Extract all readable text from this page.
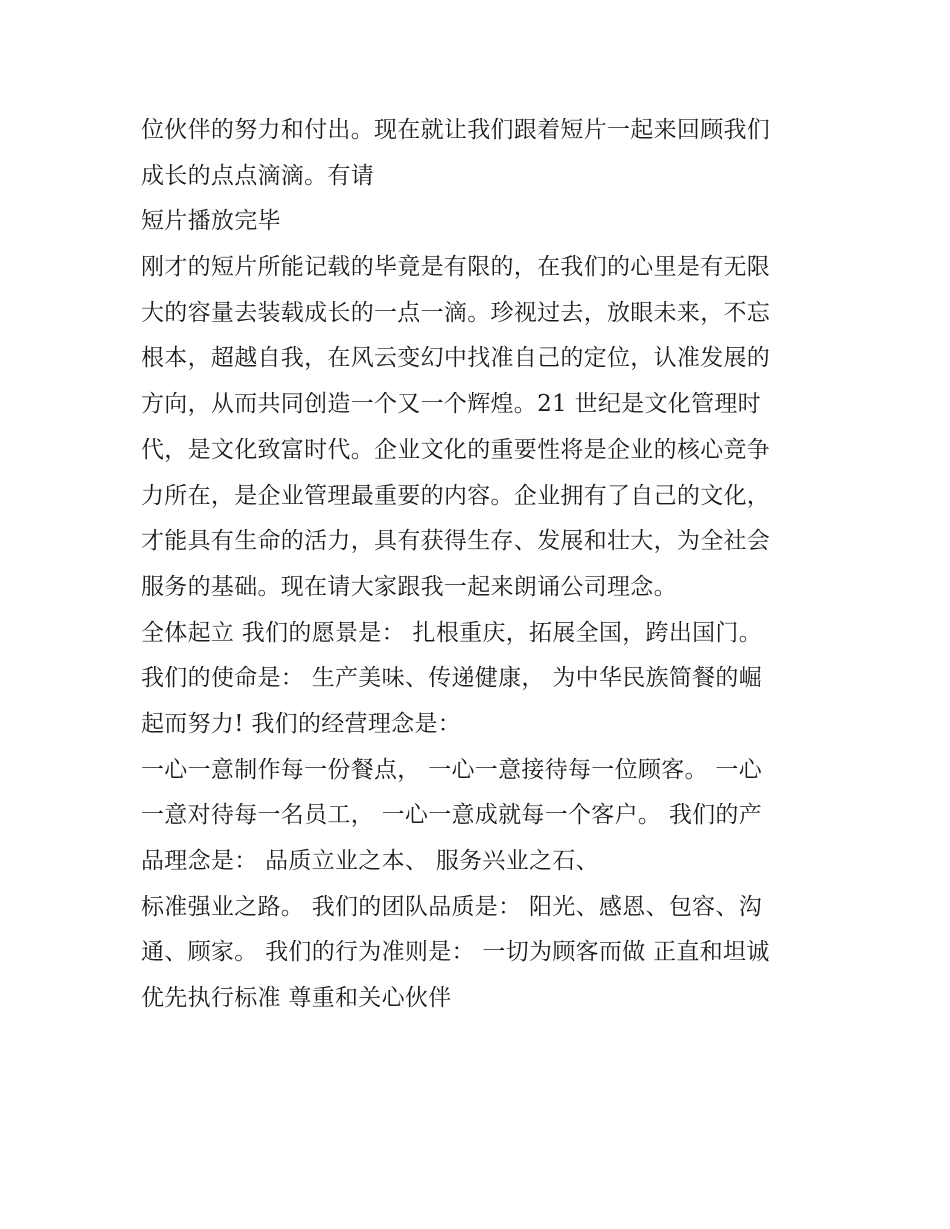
位伙伴的努力和付出。现在就让我们跟着短片一起来回顾我们
成长的点点滴滴。有请
短片播放完毕
刚才的短片所能记载的毕竟是有限的，在我们的心里是有无限
大的容量去装载成长的一点一滴。珍视过去，放眼未来，不忘
根本，超越自我，在风云变幻中找准自己的定位，认准发展的
方向，从而共同创造一个又一个辉煌。21 世纪是文化管理时
代，是文化致富时代。企业文化的重要性将是企业的核心竞争
力所在，是企业管理最重要的内容。企业拥有了自己的文化，
才能具有生命的活力，具有获得生存、发展和壮大，为全社会
服务的基础。现在请大家跟我一起来朗诵公司理念。
全体起立 我们的愿景是： 扎根重庆，拓展全国，跨出国门。
我们的使命是： 生产美味、传递健康， 为中华民族简餐的崛
起而努力! 我们的经营理念是：
一心一意制作每一份餐点， 一心一意接待每一位顾客。 一心
一意对待每一名员工， 一心一意成就每一个客户。 我们的产
品理念是： 品质立业之本、 服务兴业之石、
标准强业之路。 我们的团队品质是： 阳光、感恩、包容、沟
通、顾家。 我们的行为准则是： 一切为顾客而做 正直和坦诚
优先执行标准 尊重和关心伙伴
